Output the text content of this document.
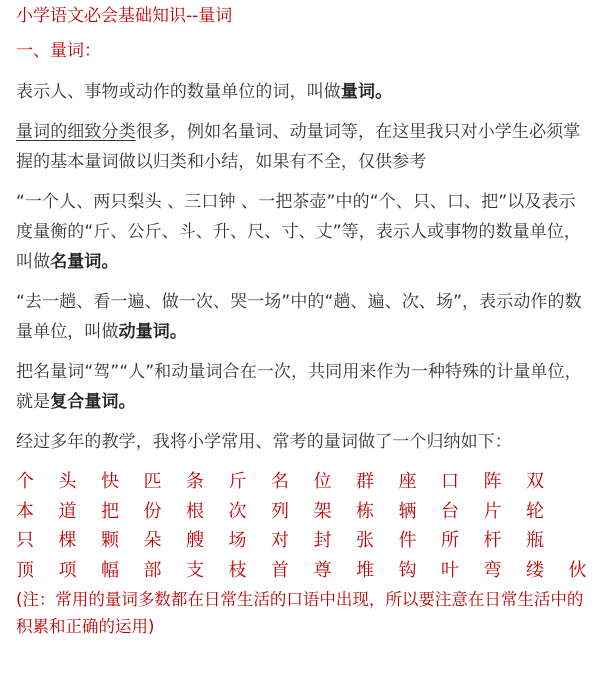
小学语文必会基础知识--量词
一、量词：

表示人、事物或动作的数量单位的词，叫做量词。

量词的细致分类很多，例如名量词、动量词等，在这里我只对小学生必须掌握的基本量词做以归类和小结，如果有不全，仅供参考

“一个人、两只梨头 、三口钟 、一把茶壶”中的“个、只、口、把”以及表示度量衡的“斤、公斤、斗、升、尺、寸、丈”等，表示人或事物的数量单位，叫做名量词。

“去一趟、看一遍、做一次、哭一场”中的“趟、遍、次、场”，表示动作的数量单位，叫做动量词。

把名量词“驾”“人”和动量词合在一次，共同用来作为一种特殊的计量单位，就是复合量词。

经过多年的教学，我将小学常用、常考的量词做了一个归纳如下：

个	头	快	匹	条	斤	名	位	群	座	口	阵	双
本	道	把	份	根	次	列	架	栋	辆	台	片	轮
只	棵	颗	朵	艘	场	对	封	张	件	所	杆	瓶
顶	项	幅	部	支	枝	首	尊	堆	钩	叶	弯	缕	伙
(注：常用的量词多数都在日常生活的口语中出现，所以要注意在日常生活中的积累和正确的运用)
